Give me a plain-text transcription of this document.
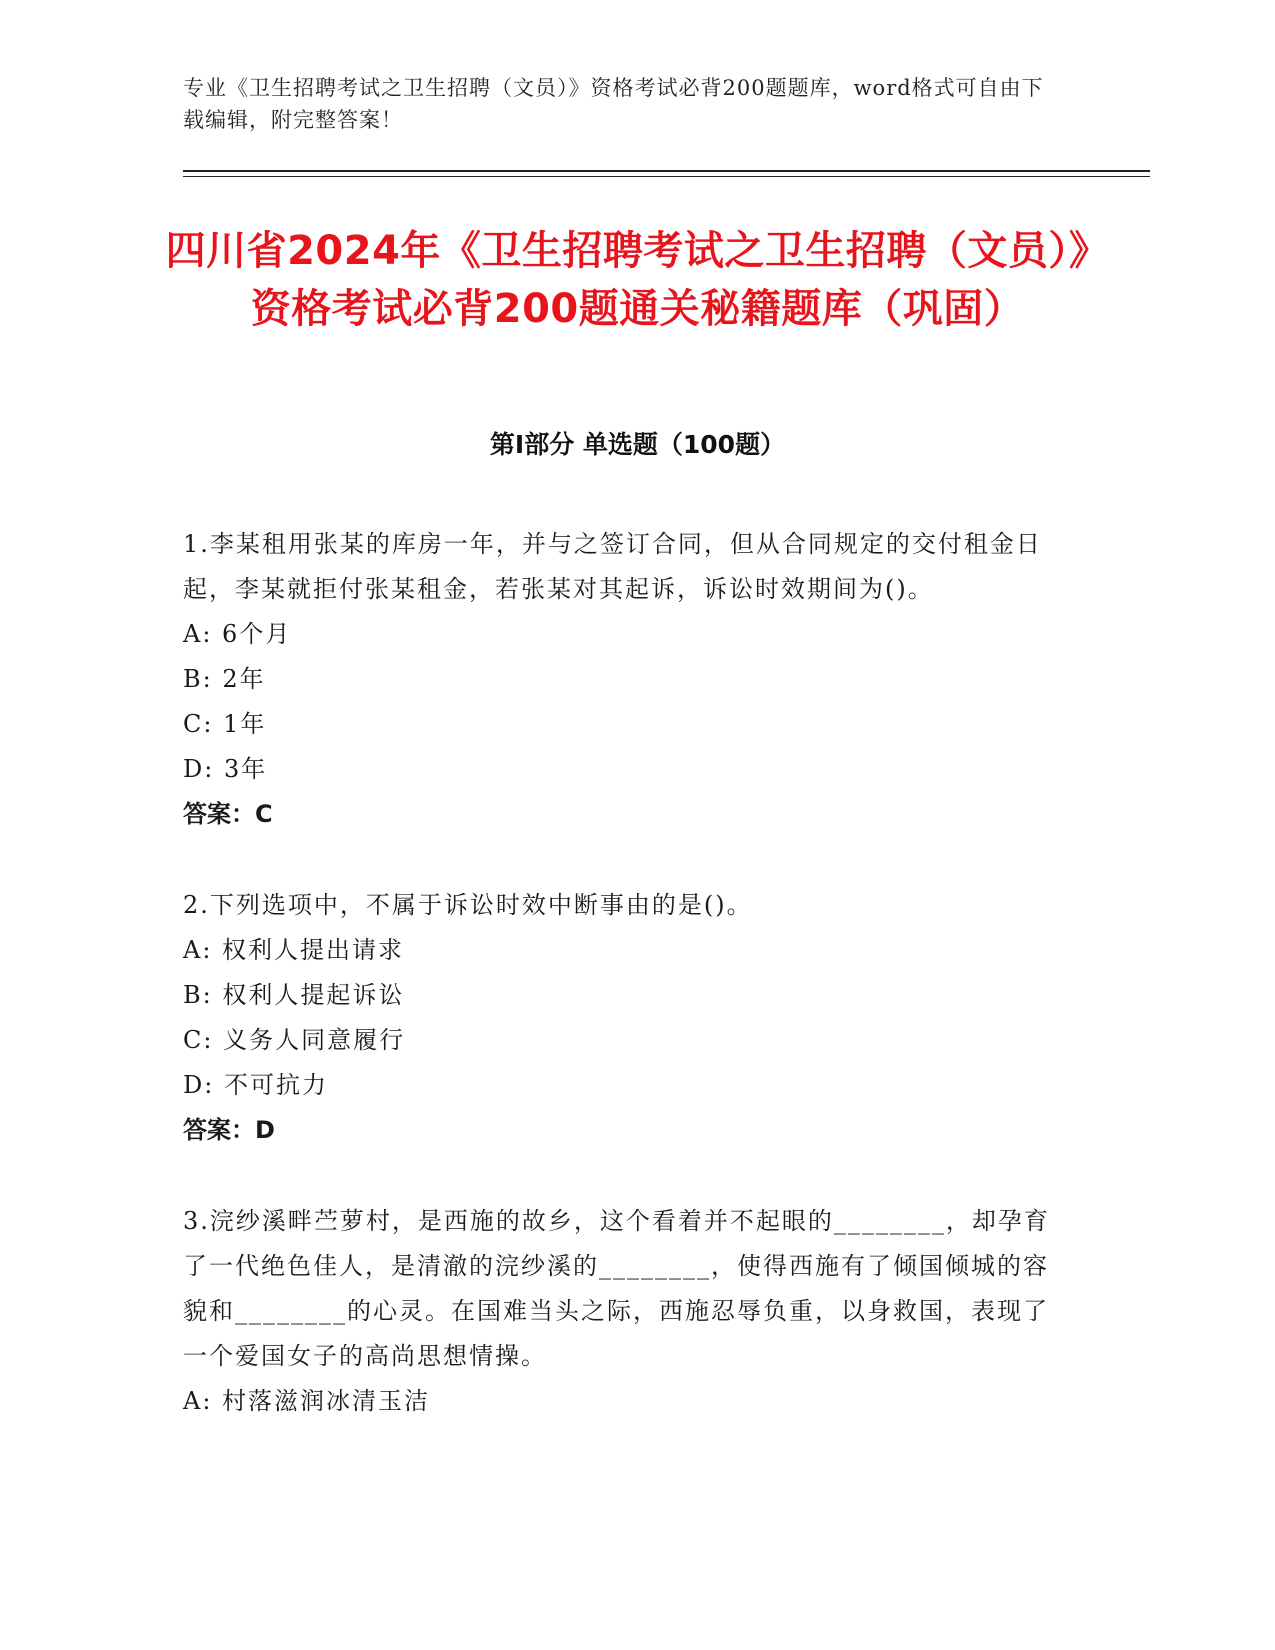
专业《卫生招聘考试之卫生招聘（文员）》资格考试必背200题题库，word格式可自由下载编辑，附完整答案！
四川省2024年《卫生招聘考试之卫生招聘（文员）》资格考试必背200题通关秘籍题库（巩固）
第Ⅰ部分 单选题（100题）

1.李某租用张某的库房一年，并与之签订合同，但从合同规定的交付租金日起，李某就拒付张某租金，若张某对其起诉，诉讼时效期间为()。

A: 6个月

B: 2年

C: 1年

D: 3年

答案：C

2.下列选项中，不属于诉讼时效中断事由的是()。

A: 权利人提出请求

B: 权利人提起诉讼

C: 义务人同意履行

D: 不可抗力

答案：D

3.浣纱溪畔苎萝村，是西施的故乡，这个看着并不起眼的________，却孕育了一代绝色佳人，是清澈的浣纱溪的________，使得西施有了倾国倾城的容貌和________的心灵。在国难当头之际，西施忍辱负重，以身救国，表现了一个爱国女子的高尚思想情操。

A: 村落滋润冰清玉洁
